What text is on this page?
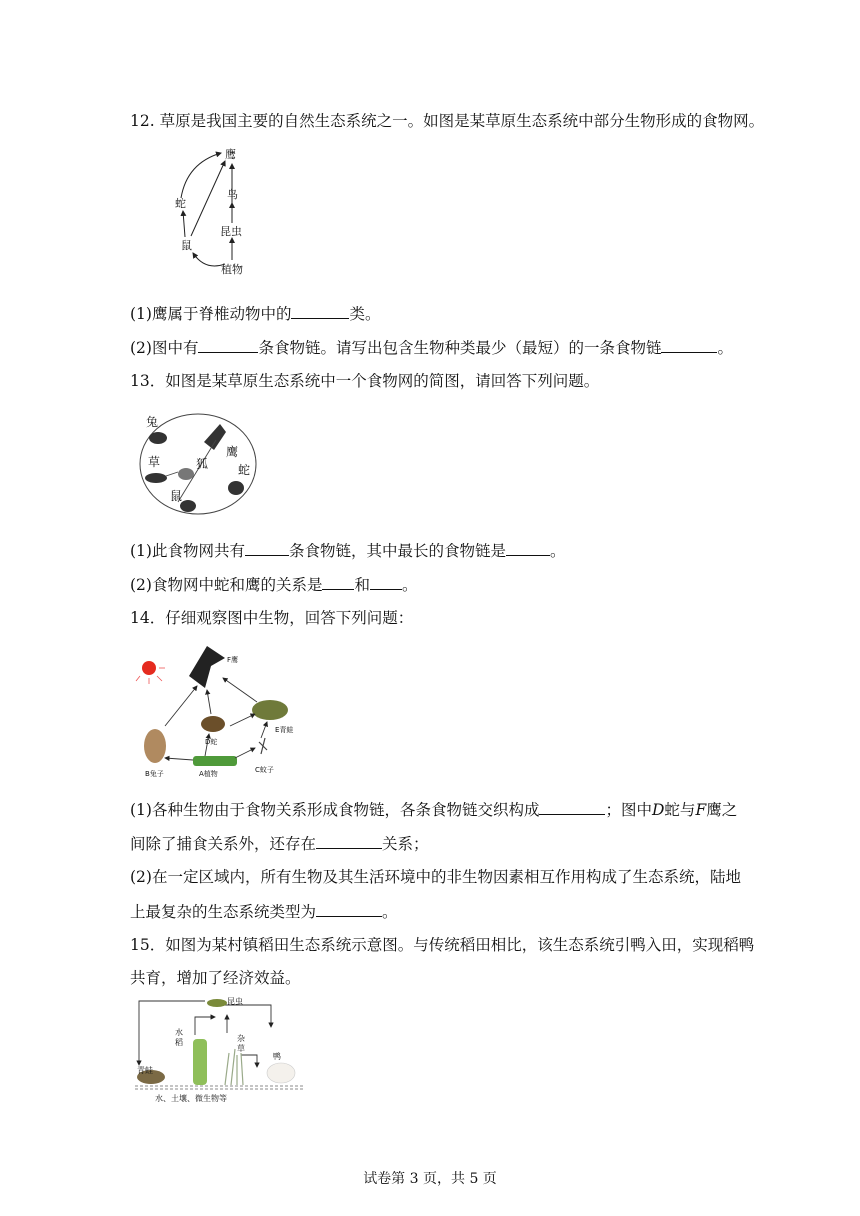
12. 草原是我国主要的自然生态系统之一。如图是某草原生态系统中部分生物形成的食物网。
鹰
鸟
蛇
昆虫
鼠
植物
(1)鹰属于脊椎动物中的	类。
(2)图中有	条食物链。请写出包含生物种类最少（最短）的一条食物链	。
13．如图是某草原生态系统中一个食物网的简图，请回答下列问题。
兔
草	狐
鹰
蛇
鼠
(1)此食物网共有	条食物链，其中最长的食物链是	。
(2)食物网中蛇和鹰的关系是 和 。
14．仔细观察图中生物，回答下列问题：
F鹰
D蛇
E青蛙
B兔子	A植物	C蚊子
(1)各种生物由于食物关系形成食物链，各条食物链交织构成	；图中D蛇与F鹰之
间除了捕食关系外，还存在	关系；
(2)在一定区域内，所有生物及其生活环境中的非生物因素相互作用构成了生态系统，陆地
上最复杂的生态系统类型为	。
15．如图为某村镇稻田生态系统示意图。与传统稻田相比，该生态系统引鸭入田，实现稻鸭
共育，增加了经济效益。
昆虫
水
稻	杂
草
鸭
青蛙
水、土壤、微生物等
试卷第 3 页，共 5 页
